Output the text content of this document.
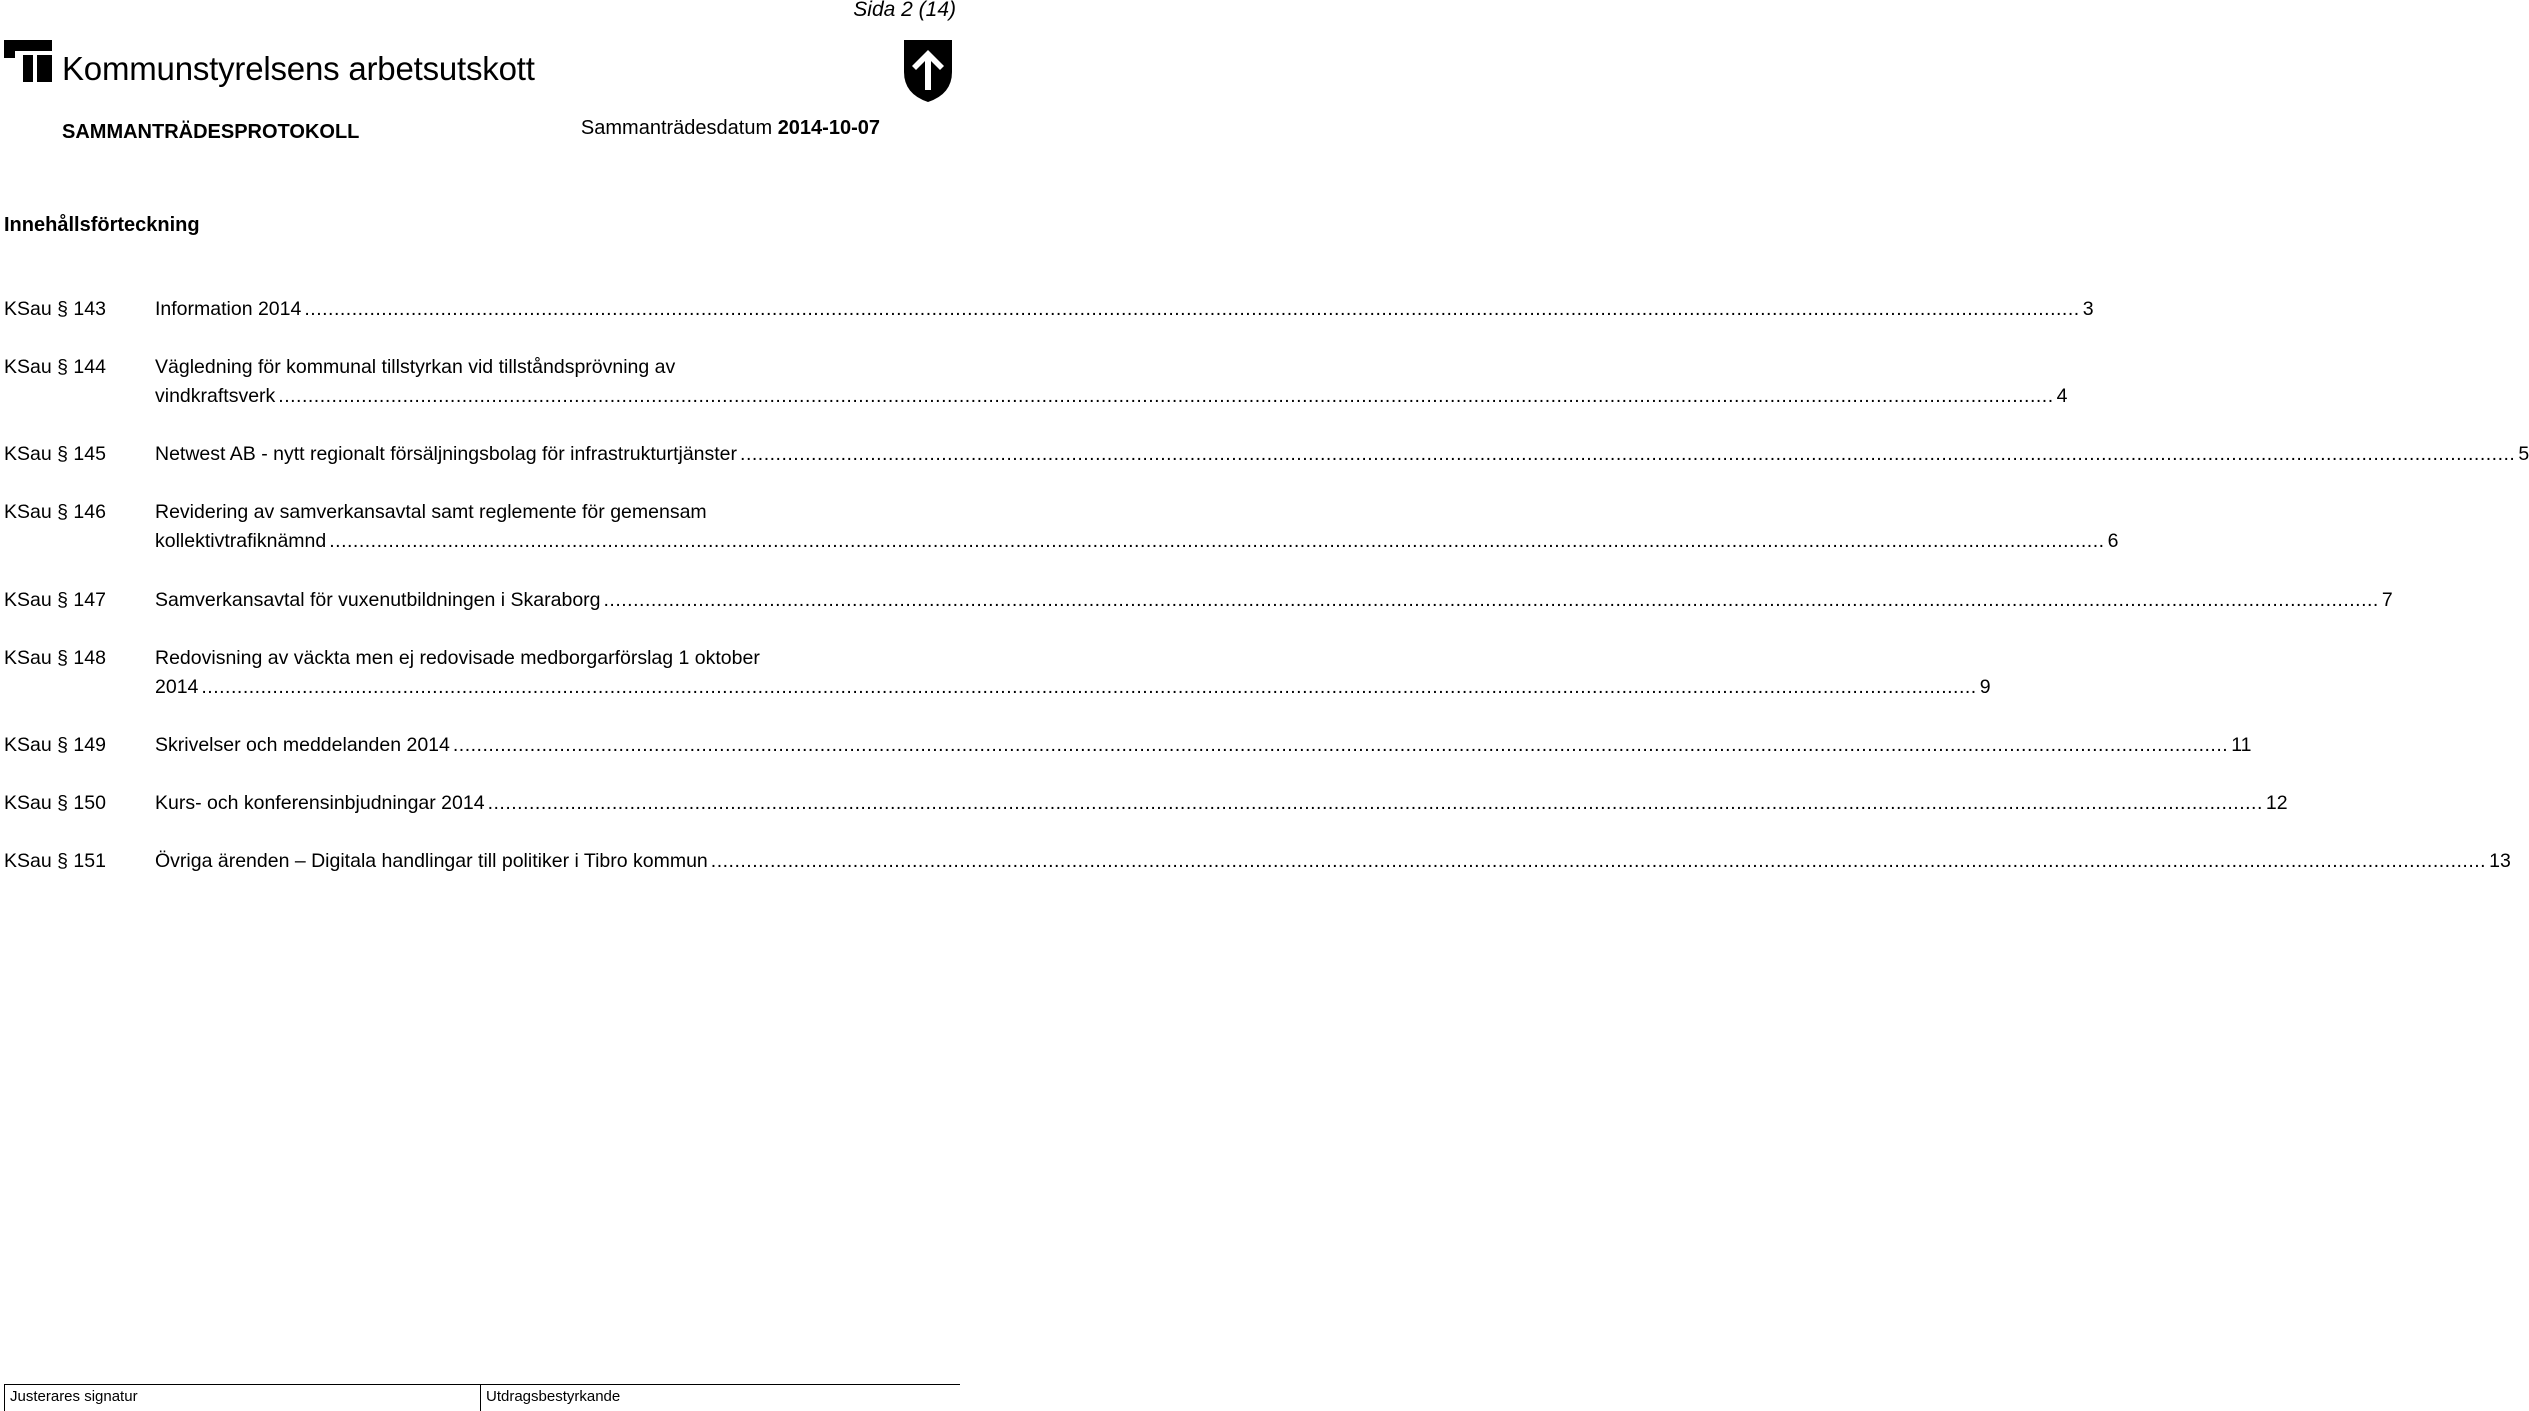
Sida 2 (14)
Kommunstyrelsens arbetsutskott
SAMMANTRÄDESPROTOKOLL	Sammanträdesdatum 2014-10-07
Innehållsförteckning
KSau § 143	Information 2014 ............................................................................................................................................................................................................................................................................................................ 3
KSau § 144	Vägledning för kommunal tillstyrkan vid tillståndsprövning av
vindkraftsverk ............................................................................................................................................................................................................................................................................................................ 4
KSau § 145	Netwest AB - nytt regionalt försäljningsbolag för infrastrukturtjänster ............................................................................................................................................................................................................................................................................................................ 5
KSau § 146	Revidering av samverkansavtal samt reglemente för gemensam
kollektivtrafiknämnd ............................................................................................................................................................................................................................................................................................................ 6
KSau § 147	Samverkansavtal för vuxenutbildningen i Skaraborg ............................................................................................................................................................................................................................................................................................................ 7
KSau § 148	Redovisning av väckta men ej redovisade medborgarförslag 1 oktober
2014 ............................................................................................................................................................................................................................................................................................................ 9
KSau § 149	Skrivelser och meddelanden 2014 ............................................................................................................................................................................................................................................................................................................ 11
KSau § 150	Kurs- och konferensinbjudningar 2014 ............................................................................................................................................................................................................................................................................................................ 12
KSau § 151	Övriga ärenden – Digitala handlingar till politiker i Tibro kommun ............................................................................................................................................................................................................................................................................................................ 13
Justerares signatur	Utdragsbestyrkande
